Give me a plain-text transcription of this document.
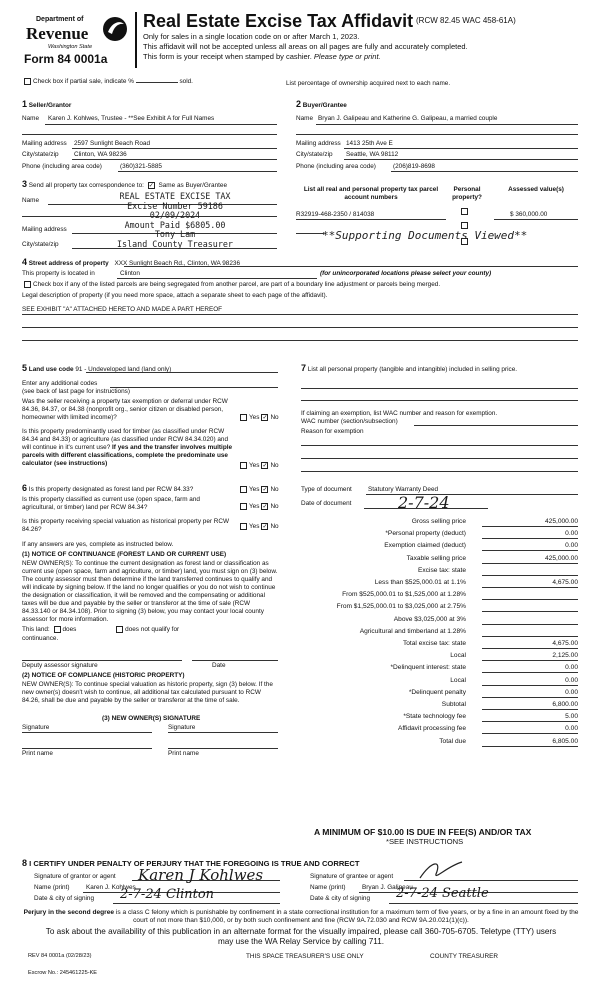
Department of
Revenue
Washington State
Form 84 0001a
Real Estate Excise Tax Affidavit (RCW 82.45 WAC 458-61A)
Only for sales in a single location code on or after March 1, 2023.
This affidavit will not be accepted unless all areas on all pages are fully and accurately completed.
This form is your receipt when stamped by cashier. Please type or print.
Check box if partial sale, indicate %	sold.	List percentage of ownership acquired next to each name.
1 Seller/Grantor
Name Karen J. Kohlwes, Trustee - **See Exhibit A for Full Names
Mailing address 2597 Sunlight Beach Road
City/state/zip Clinton, WA 98236
Phone (including area code)	(360)321-5885
2 Buyer/Grantee
Name Bryan J. Galipeau and Katherine G. Galipeau, a married couple
Mailing address 1413 25th Ave E
City/state/zip Seattle, WA 98112
Phone (including area code)	(206)819-8698
3 Send all property tax correspondence to: ✓ Same as Buyer/Grantee
Name
Mailing address
City/state/zip
REAL ESTATE EXCISE TAX
Excise Number 59186
02/09/2024
Amount Paid $6805.00
Tony Lam
Island County Treasurer
List all real and personal property tax parcel account numbers
Personal property?
Assessed value(s)
R32919-468-2350 / 814038	$ 360,000.00
**Supporting Documents Viewed**
4 Street address of property XXX Sunlight Beach Rd., Clinton, WA 98236
This property is located in	Clinton	(for unincorporated locations please select your county)
Check box if any of the listed parcels are being segregated from another parcel, are part of a boundary line adjustment or parcels being merged.
Legal description of property (if you need more space, attach a separate sheet to each page of the affidavit).
SEE EXHIBIT "A" ATTACHED HERETO AND MADE A PART HEREOF
5 Land use code 91 - Undeveloped land (land only)
Enter any additional codes
(see back of last page for instructions)
Was the seller receiving a property tax exemption or deferral under RCW 84.36, 84.37, or 84.38 (nonprofit org., senior citizen or disabled person, homeowner with limited income)?	Yes ✓ No
Is this property predominantly used for timber (as classified under RCW 84.34 and 84.33) or agriculture (as classified under RCW 84.34.020) and will continue in it's current use? If yes and the transfer involves multiple parcels with different classifications, complete the predominate use calculator (see instructions)	Yes ✓ No
6 Is this property designated as forest land per RCW 84.33?	Yes ✓ No
Is this property classified as current use (open space, farm and agricultural, or timber) land per RCW 84.34?	Yes ✓ No
Is this property receiving special valuation as historical property per RCW 84.26?	Yes ✓ No
If any answers are yes, complete as instructed below.
(1) NOTICE OF CONTINUANCE (FOREST LAND OR CURRENT USE)
NEW OWNER(S): To continue the current designation as forest land or classification as current use (open space, farm and agriculture, or timber) land, you must sign on (3) below. The county assessor must then determine if the land transferred continues to qualify and will indicate by signing below. If the land no longer qualifies or you do not wish to continue the designation or classification, it will be removed and the compensating or additional taxes will be due and payable by the seller or transferor at the time of sale (RCW 84.33.140 or 84.34.108). Prior to signing (3) below, you may contact your local county assessor for more information.
This land: does	does not qualify for
continuance.
Deputy assessor signature	Date
(2) NOTICE OF COMPLIANCE (HISTORIC PROPERTY)
NEW OWNER(S): To continue special valuation as historic property, sign (3) below. If the new owner(s) doesn't wish to continue, all additional tax calculated pursuant to RCW 84.26, shall be due and payable by the seller or transferor at the time of sale.
(3) NEW OWNER(S) SIGNATURE
Signature	Signature
Print name	Print name
7 List all personal property (tangible and intangible) included in selling price.
If claiming an exemption, list WAC number and reason for exemption.
WAC number (section/subsection)
Reason for exemption
Type of document	Statutory Warranty Deed
Date of document	2-7-24
Gross selling price	425,000.00
*Personal property (deduct)	0.00
Exemption claimed (deduct)	0.00
Taxable selling price	425,000.00
Excise tax: state
Less than $525,000.01 at 1.1%	4,675.00
From $525,000.01 to $1,525,000 at 1.28%
From $1,525,000.01 to $3,025,000 at 2.75%
Above $3,025,000 at 3%
Agricultural and timberland at 1.28%
Total excise tax: state	4,675.00
Local	2,125.00
*Delinquent interest: state	0.00
Local	0.00
*Delinquent penalty	0.00
Subtotal	6,800.00
*State technology fee	5.00
Affidavit processing fee	0.00
Total due	6,805.00
A MINIMUM OF $10.00 IS DUE IN FEE(S) AND/OR TAX
*SEE INSTRUCTIONS
8 I CERTIFY UNDER PENALTY OF PERJURY THAT THE FOREGOING IS TRUE AND CORRECT
Signature of grantor or agent Karen J Kohlwes
Name (print)	Karen J. Kohlwes
Date & city of signing 2-7-24 Clinton
Signature of grantee or agent
Name (print)	Bryan J. Galipeau
Date & city of signing 2-7-24 Seattle
Perjury in the second degree is a class C felony which is punishable by confinement in a state correctional institution for a maximum term of five years, or by a fine in an amount fixed by the court of not more than $10,000, or by both such confinement and fine (RCW 9A.72.030 and RCW 9A.20.021(1)(c)).
To ask about the availability of this publication in an alternate format for the visually impaired, please call 360-705-6705. Teletype (TTY) users may use the WA Relay Service by calling 711.
REV 84 0001a (02/28/23)	THIS SPACE TREASURER'S USE ONLY	COUNTY TREASURER
Escrow No.: 245461225-KE
